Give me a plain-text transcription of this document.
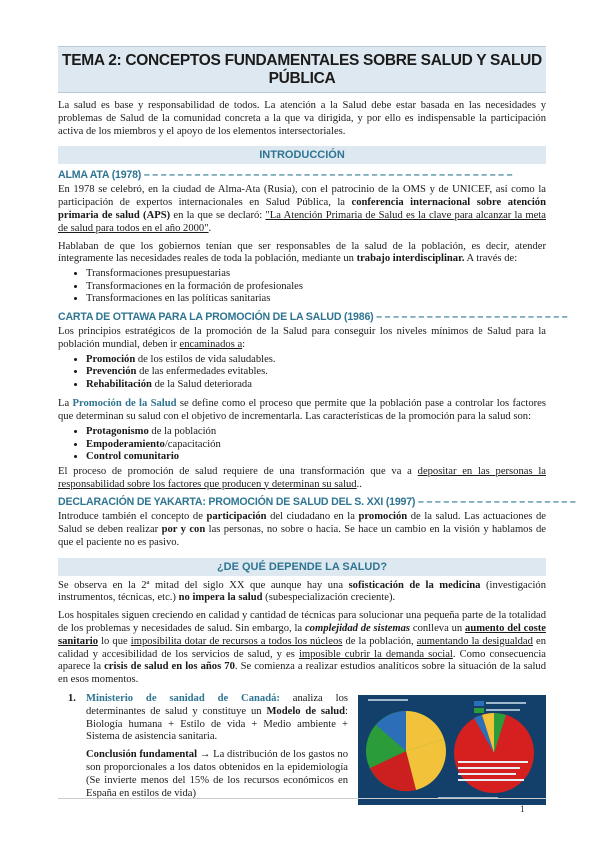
TEMA 2: CONCEPTOS FUNDAMENTALES SOBRE SALUD Y SALUD PÚBLICA

La salud es base y responsabilidad de todos. La atención a la Salud debe estar basada en las necesidades y problemas de Salud de la comunidad concreta a la que va dirigida, y por ello es indispensable la participación activa de los miembros y el apoyo de los elementos intersectoriales.

INTRODUCCIÓN
ALMA ATA (1978) – – – – – – – – – – – – – – – – – – – – – – – – – – – – – – – – – – – – – – – – – – – –

En 1978 se celebró, en la ciudad de Alma-Ata (Rusia), con el patrocinio de la OMS y de UNICEF, así como la participación de expertos internacionales en Salud Pública, la conferencia internacional sobre atención primaria de salud (APS) en la que se declaró: "La Atención Primaria de Salud es la clave para alcanzar la meta de salud para todos en el año 2000".

Hablaban de que los gobiernos tenían que ser responsables de la salud de la población, es decir, atender íntegramente las necesidades reales de toda la población, mediante un trabajo interdisciplinar. A través de:

• Transformaciones presupuestarias
• Transformaciones en la formación de profesionales
• Transformaciones en las políticas sanitarias
CARTA DE OTTAWA PARA LA PROMOCIÓN DE LA SALUD (1986) – – – – – – – – – – – – – – – – – – – – – – –

Los principios estratégicos de la promoción de la Salud para conseguir los niveles mínimos de Salud para la población mundial, deben ir encaminados a:

• Promoción de los estilos de vida saludables.
• Prevención de las enfermedades evitables.
• Rehabilitación de la Salud deteriorada

La Promoción de la Salud se define como el proceso que permite que la población pase a controlar los factores que determinan su salud con el objetivo de incrementarla. Las características de la promoción para la salud son:

• Protagonismo de la población
• Empoderamiento/capacitación
• Control comunitario

El proceso de promoción de salud requiere de una transformación que va a depositar en las personas la responsabilidad sobre los factores que producen y determinan su salud..

DECLARACIÓN DE YAKARTA: PROMOCIÓN DE SALUD DEL S. XXI (1997) – – – – – – – – – – – – – – – – – – –

Introduce también el concepto de participación del ciudadano en la promoción de la salud. Las actuaciones de Salud se deben realizar por y con las personas, no sobre o hacia. Se hace un cambio en la visión y hablamos de que el paciente no es pasivo.

¿DE QUÉ DEPENDE LA SALUD?

Se observa en la 2ª mitad del siglo XX que aunque hay una sofisticación de la medicina (investigación instrumentos, técnicas, etc.) no impera la salud (subespecialización creciente).

Los hospitales siguen creciendo en calidad y cantidad de técnicas para solucionar una pequeña parte de la totalidad de los problemas y necesidades de salud. Sin embargo, la complejidad de sistemas conlleva un aumento del coste sanitario lo que imposibilita dotar de recursos a todos los núcleos de la población, aumentando la desigualdad en calidad y accesibilidad de los servicios de salud, y es imposible cubrir la demanda social. Como consecuencia aparece la crisis de salud en los años 70. Se comienza a realizar estudios analíticos sobre la situación de la salud en esos momentos.

1. Ministerio de sanidad de Canadá: analiza los determinantes de salud y constituye un Modelo de salud: Biología humana + Estilo de vida + Medio ambiente + Sistema de asistencia sanitaria.

Conclusión fundamental → La distribución de los gastos no son proporcionales a los datos obtenidos en la epidemiología (Se invierte menos del 15% de los recursos económicos en España en estilos de vida)

1
